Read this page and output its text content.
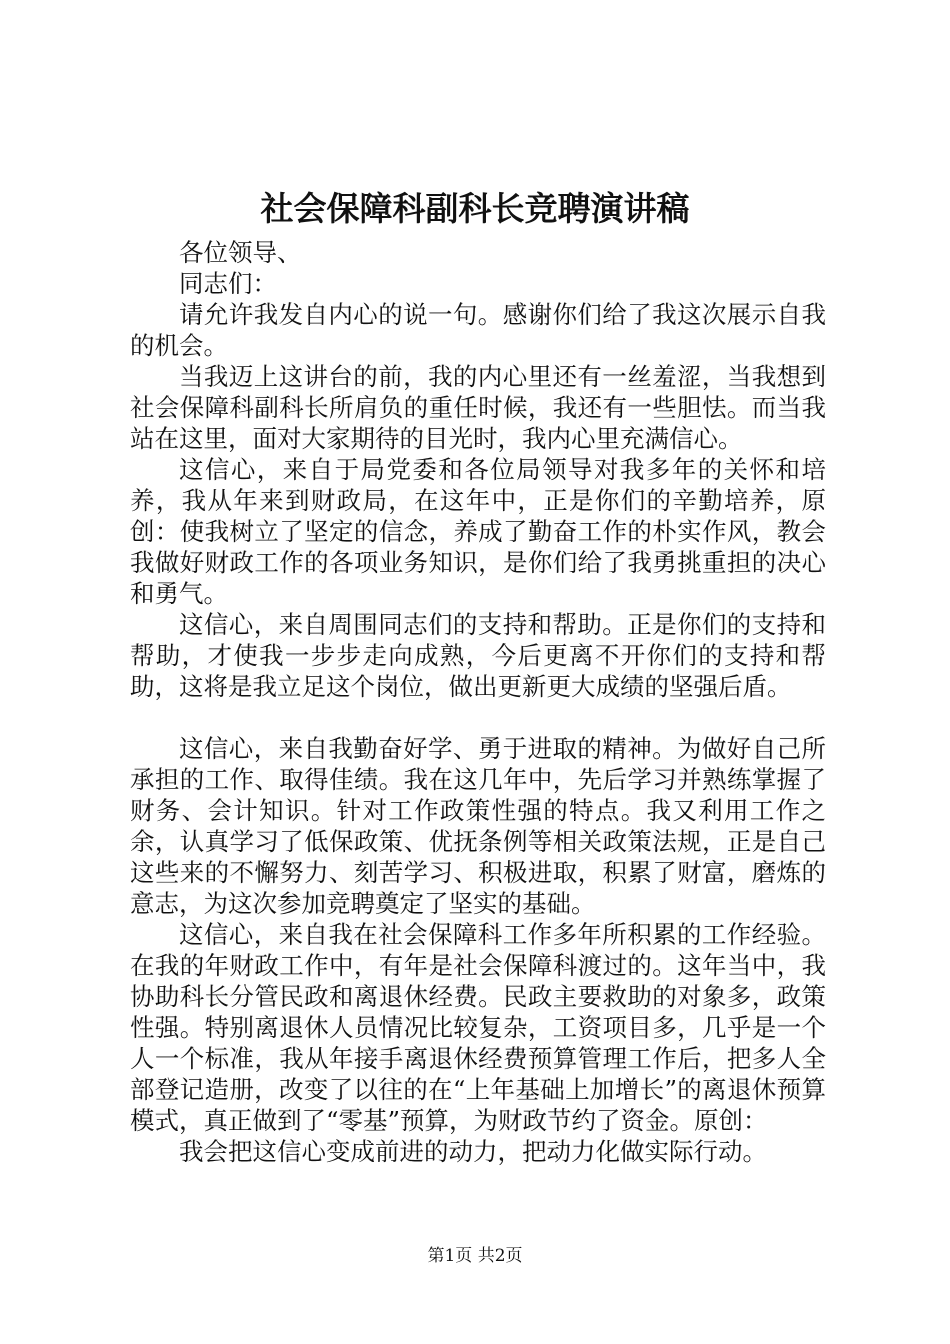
社会保障科副科长竞聘演讲稿

各位领导、

同志们：

请允许我发自内心的说一句。感谢你们给了我这次展示自我的机会。

当我迈上这讲台的前，我的内心里还有一丝羞涩，当我想到社会保障科副科长所肩负的重任时候，我还有一些胆怯。而当我站在这里，面对大家期待的目光时，我内心里充满信心。

这信心，来自于局党委和各位局领导对我多年的关怀和培养，我从年来到财政局，在这年中，正是你们的辛勤培养，原创：使我树立了坚定的信念，养成了勤奋工作的朴实作风，教会我做好财政工作的各项业务知识，是你们给了我勇挑重担的决心和勇气。

这信心，来自周围同志们的支持和帮助。正是你们的支持和帮助，才使我一步步走向成熟，今后更离不开你们的支持和帮助，这将是我立足这个岗位，做出更新更大成绩的坚强后盾。

这信心，来自我勤奋好学、勇于进取的精神。为做好自己所承担的工作、取得佳绩。我在这几年中，先后学习并熟练掌握了财务、会计知识。针对工作政策性强的特点。我又利用工作之余，认真学习了低保政策、优抚条例等相关政策法规，正是自己这些来的不懈努力、刻苦学习、积极进取，积累了财富，磨炼的意志，为这次参加竞聘奠定了坚实的基础。

这信心，来自我在社会保障科工作多年所积累的工作经验。在我的年财政工作中，有年是社会保障科渡过的。这年当中，我协助科长分管民政和离退休经费。民政主要救助的对象多，政策性强。特别离退休人员情况比较复杂，工资项目多，几乎是一个人一个标准，我从年接手离退休经费预算管理工作后，把多人全部登记造册，改变了以往的在“上年基础上加增长”的离退休预算模式，真正做到了“零基”预算，为财政节约了资金。原创：

我会把这信心变成前进的动力，把动力化做实际行动。

第1页 共2页
